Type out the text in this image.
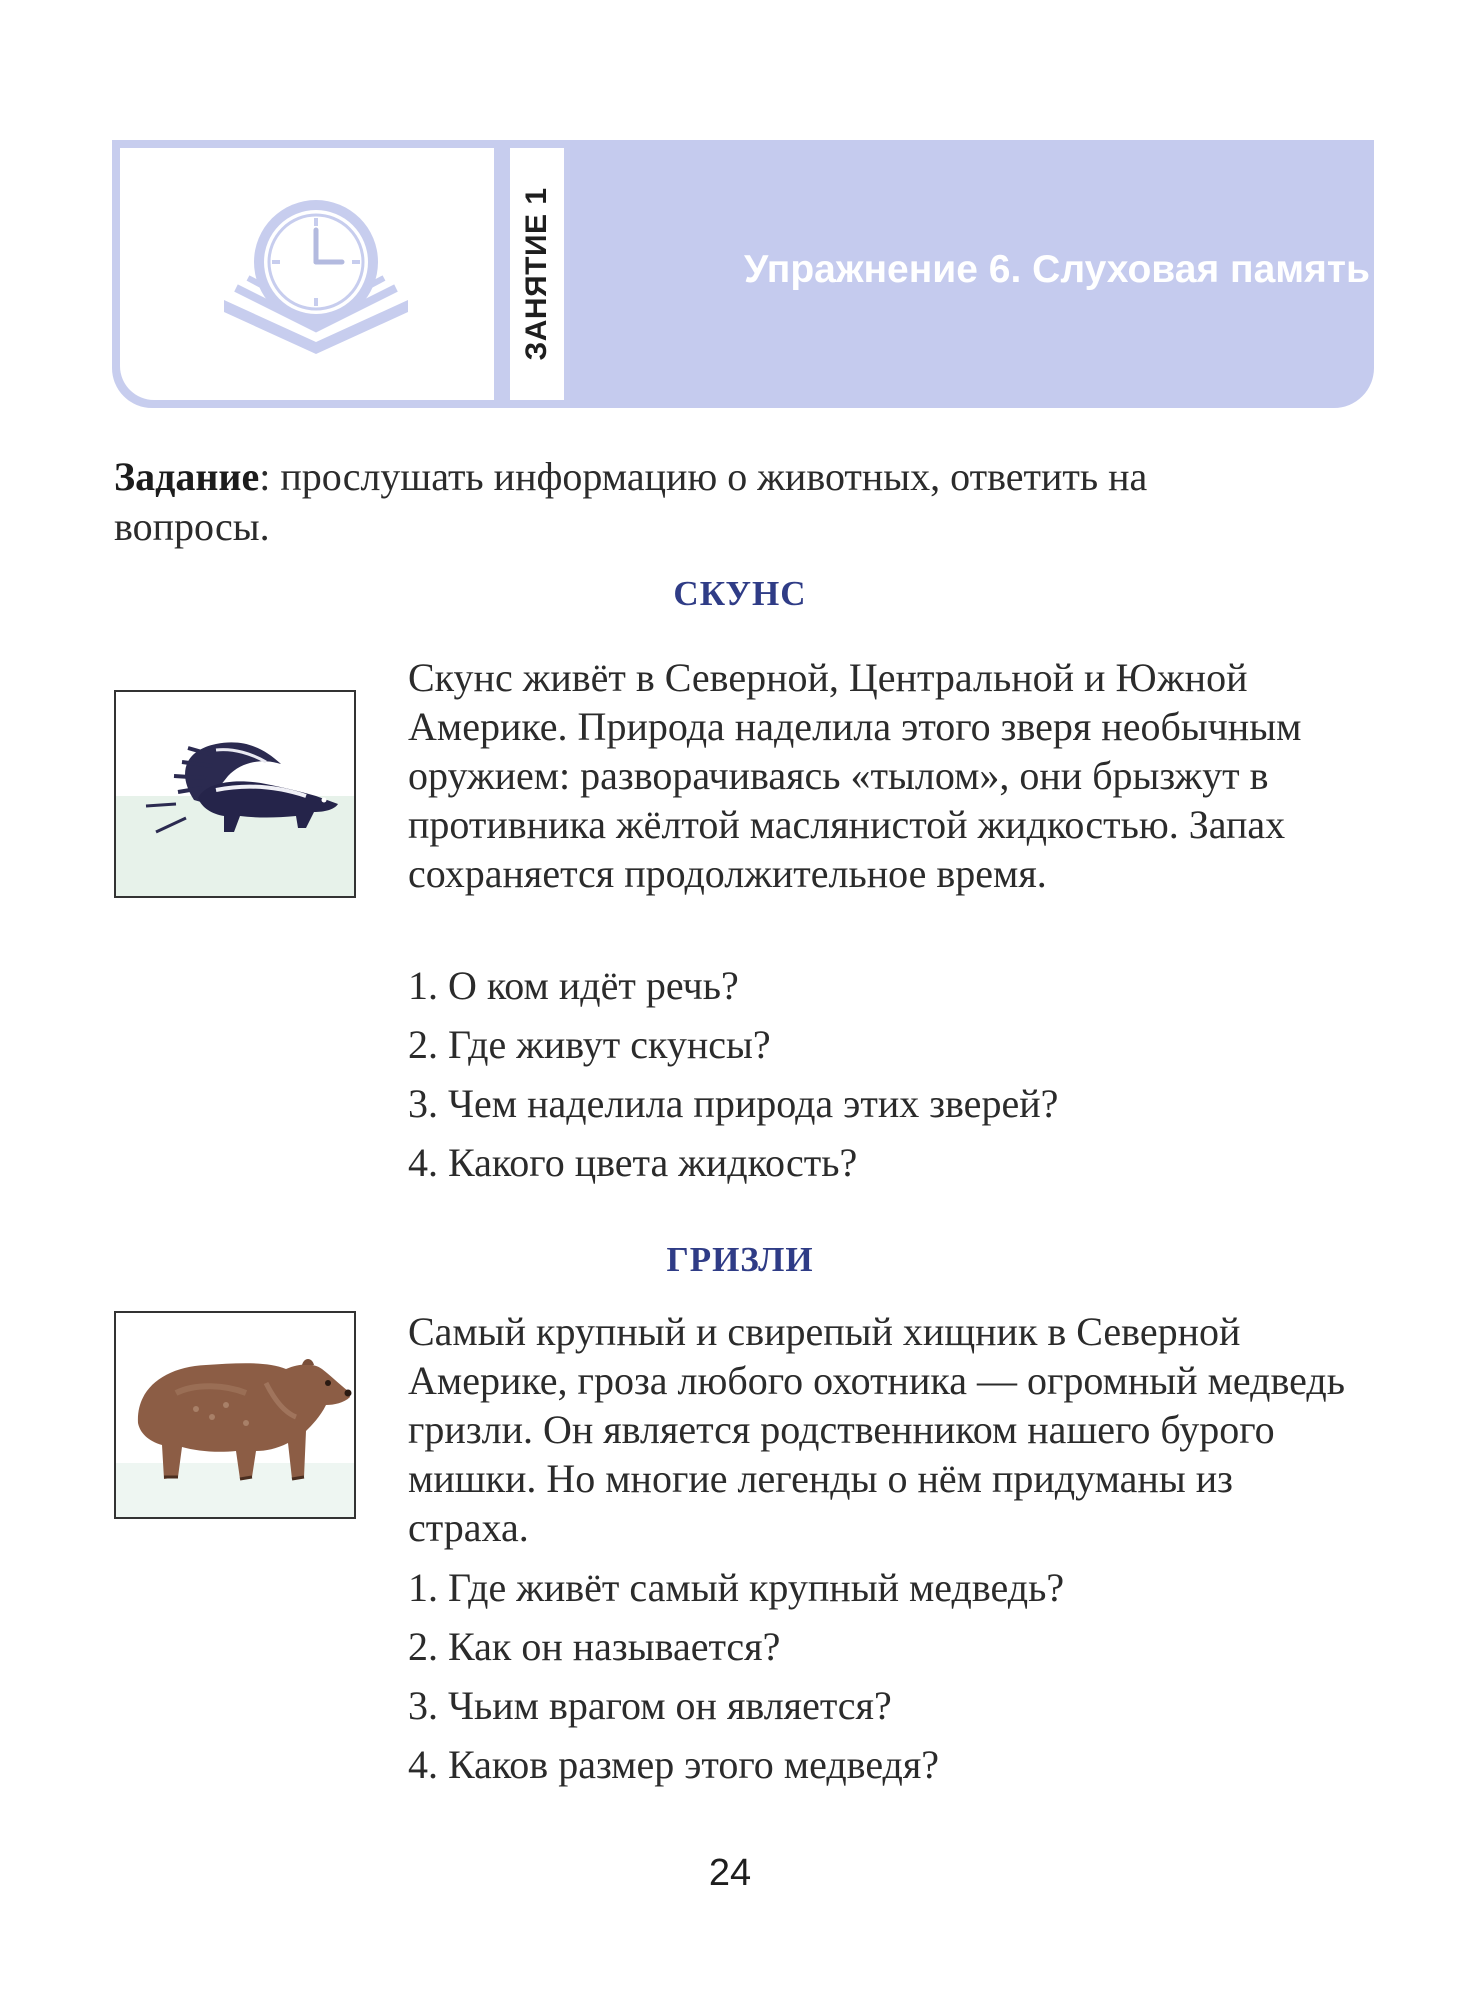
ЗАНЯТИЕ 1	Упражнение 6. Слуховая память
Задание: прослушать информацию о животных, ответить на вопросы.
СКУНС
Скунс живёт в Северной, Центральной и Южной Америке. Природа наделила этого зверя необычным оружием: разворачиваясь «тылом», они брызжут в противника жёлтой маслянистой жидкостью. Запах сохраняется продолжительное время.
1. О ком идёт речь?
2. Где живут скунсы?
3. Чем наделила природа этих зверей?
4. Какого цвета жидкость?
ГРИЗЛИ
Самый крупный и свирепый хищник в Северной Америке, гроза любого охотника — огромный медведь гризли. Он является родственником нашего бурого мишки. Но многие легенды о нём придуманы из страха.
1. Где живёт самый крупный медведь?
2. Как он называется?
3. Чьим врагом он является?
4. Каков размер этого медведя?
24
